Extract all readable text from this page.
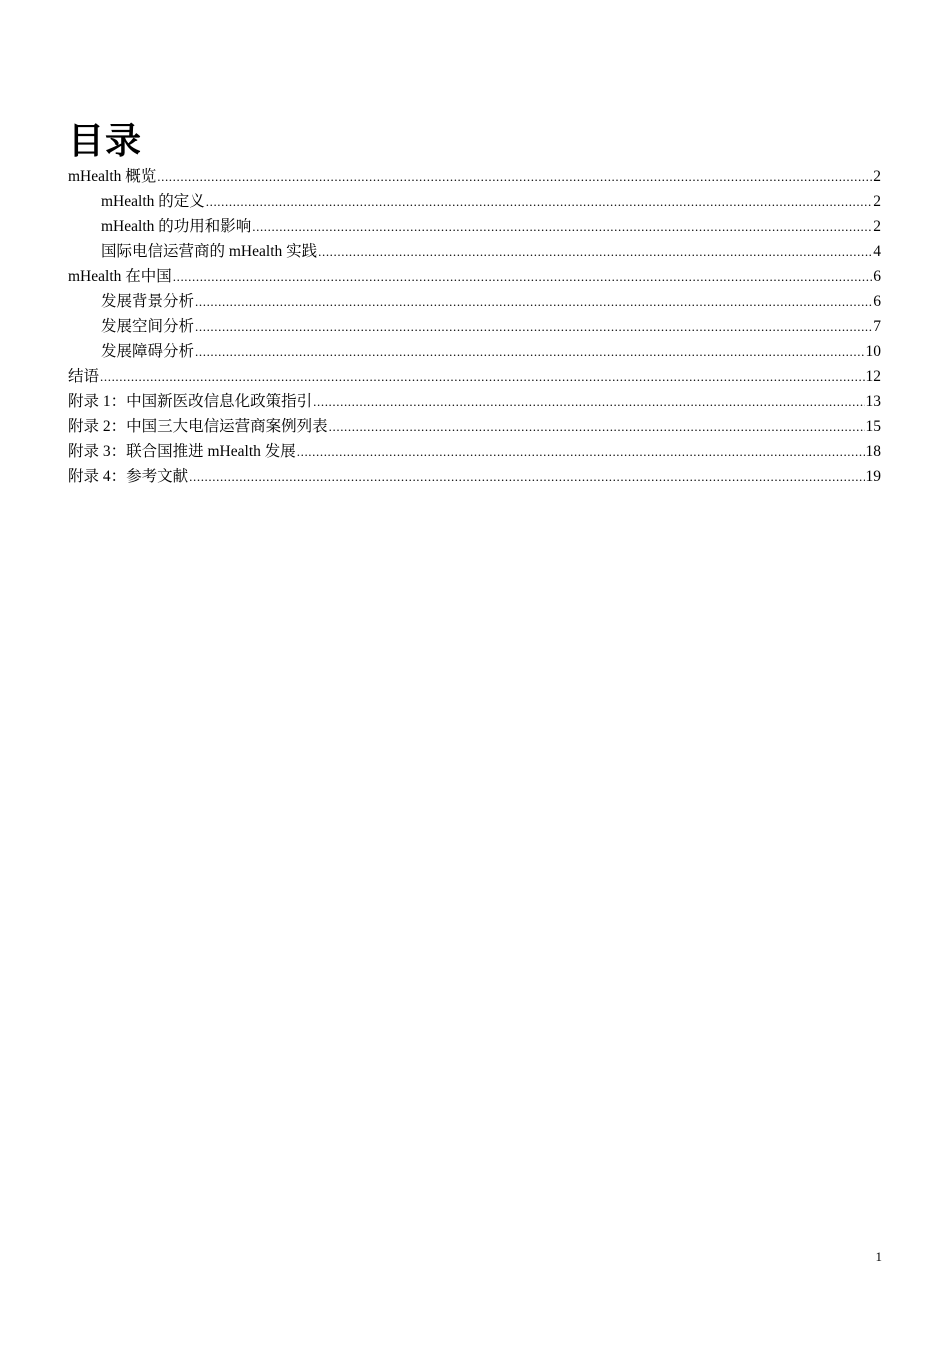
目录
mHealth 概览 .....	2
mHealth 的定义 .....	2
mHealth 的功用和影响 .....	2
国际电信运营商的 mHealth 实践 .....	4
mHealth 在中国 .....	6
发展背景分析 .....	6
发展空间分析 .....	7
发展障碍分析 .....	10
结语 .....	12
附录 1：中国新医改信息化政策指引 .....	13
附录 2：中国三大电信运营商案例列表 .....	15
附录 3：联合国推进 mHealth 发展 .....	18
附录 4：参考文献 .....	19
1
